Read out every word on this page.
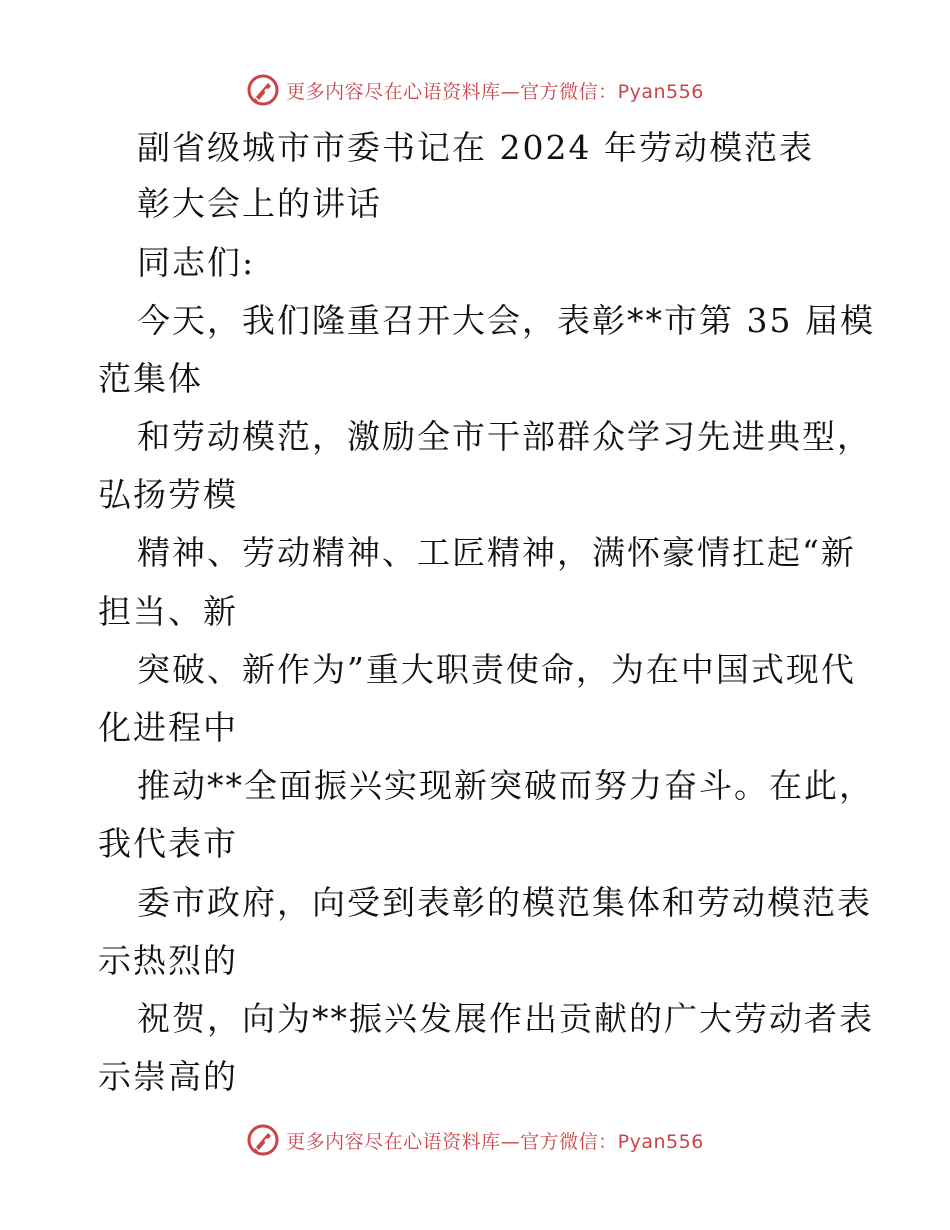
更多内容尽在心语资料库—官方微信：Pyan556
副省级城市市委书记在 2024 年劳动模范表
彰大会上的讲话
同志们:
今天，我们隆重召开大会，表彰**市第 35 届模
范集体
和劳动模范，激励全市干部群众学习先进典型，
弘扬劳模
精神、劳动精神、工匠精神，满怀豪情扛起“新
担当、新
突破、新作为”重大职责使命，为在中国式现代
化进程中
推动**全面振兴实现新突破而努力奋斗。在此，
我代表市
委市政府，向受到表彰的模范集体和劳动模范表
示热烈的
祝贺，向为**振兴发展作出贡献的广大劳动者表
示崇高的
更多内容尽在心语资料库—官方微信：Pyan556
